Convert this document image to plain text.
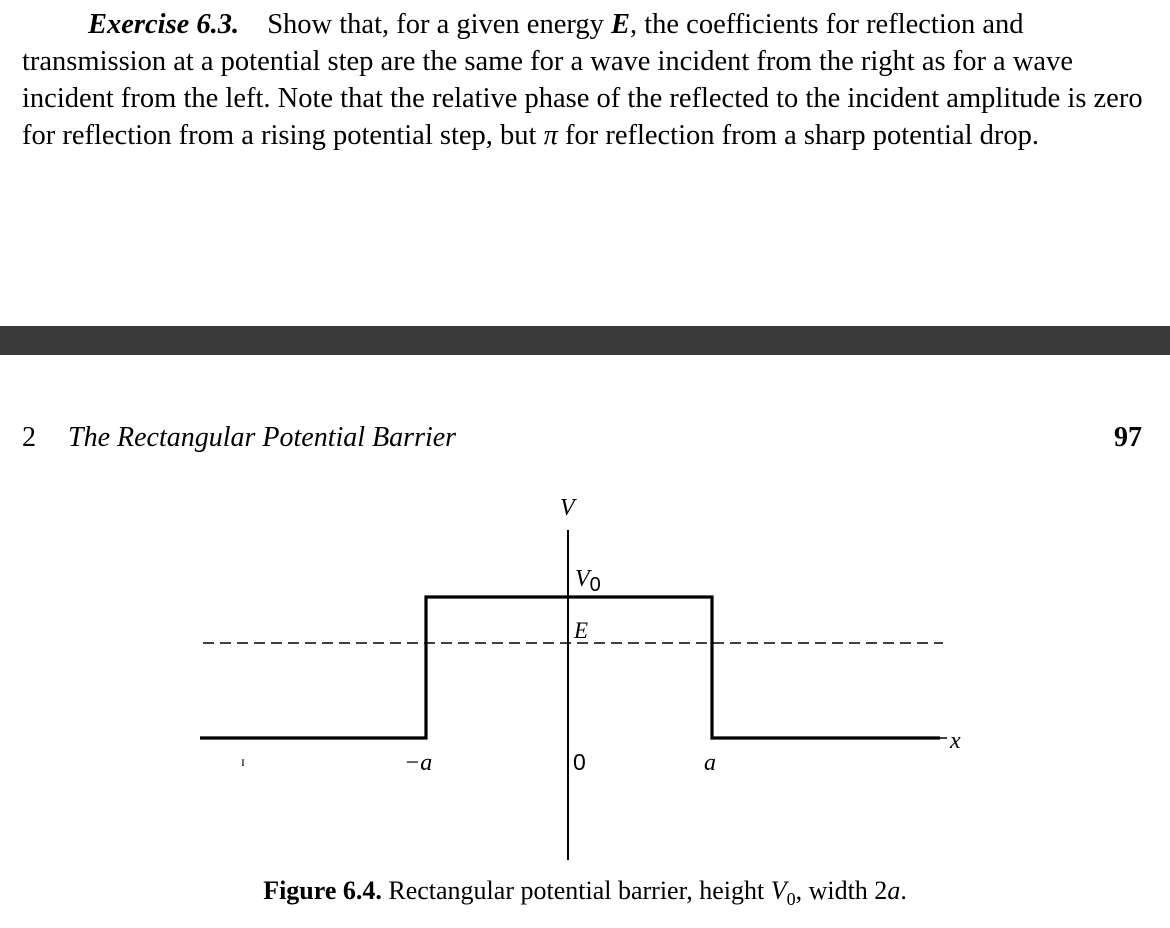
Exercise 6.3. Show that, for a given energy E, the coefficients for reflection and transmission at a potential step are the same for a wave incident from the right as for a wave incident from the left. Note that the relative phase of the reflected to the incident amplitude is zero for reflection from a rising potential step, but π for reflection from a sharp potential drop.

2 The Rectangular Potential Barrier	97
V
x
$V_0$
E
−a	0	a
ɪ
Figure 6.4. Rectangular potential barrier, height $V_0$, width 2a.
